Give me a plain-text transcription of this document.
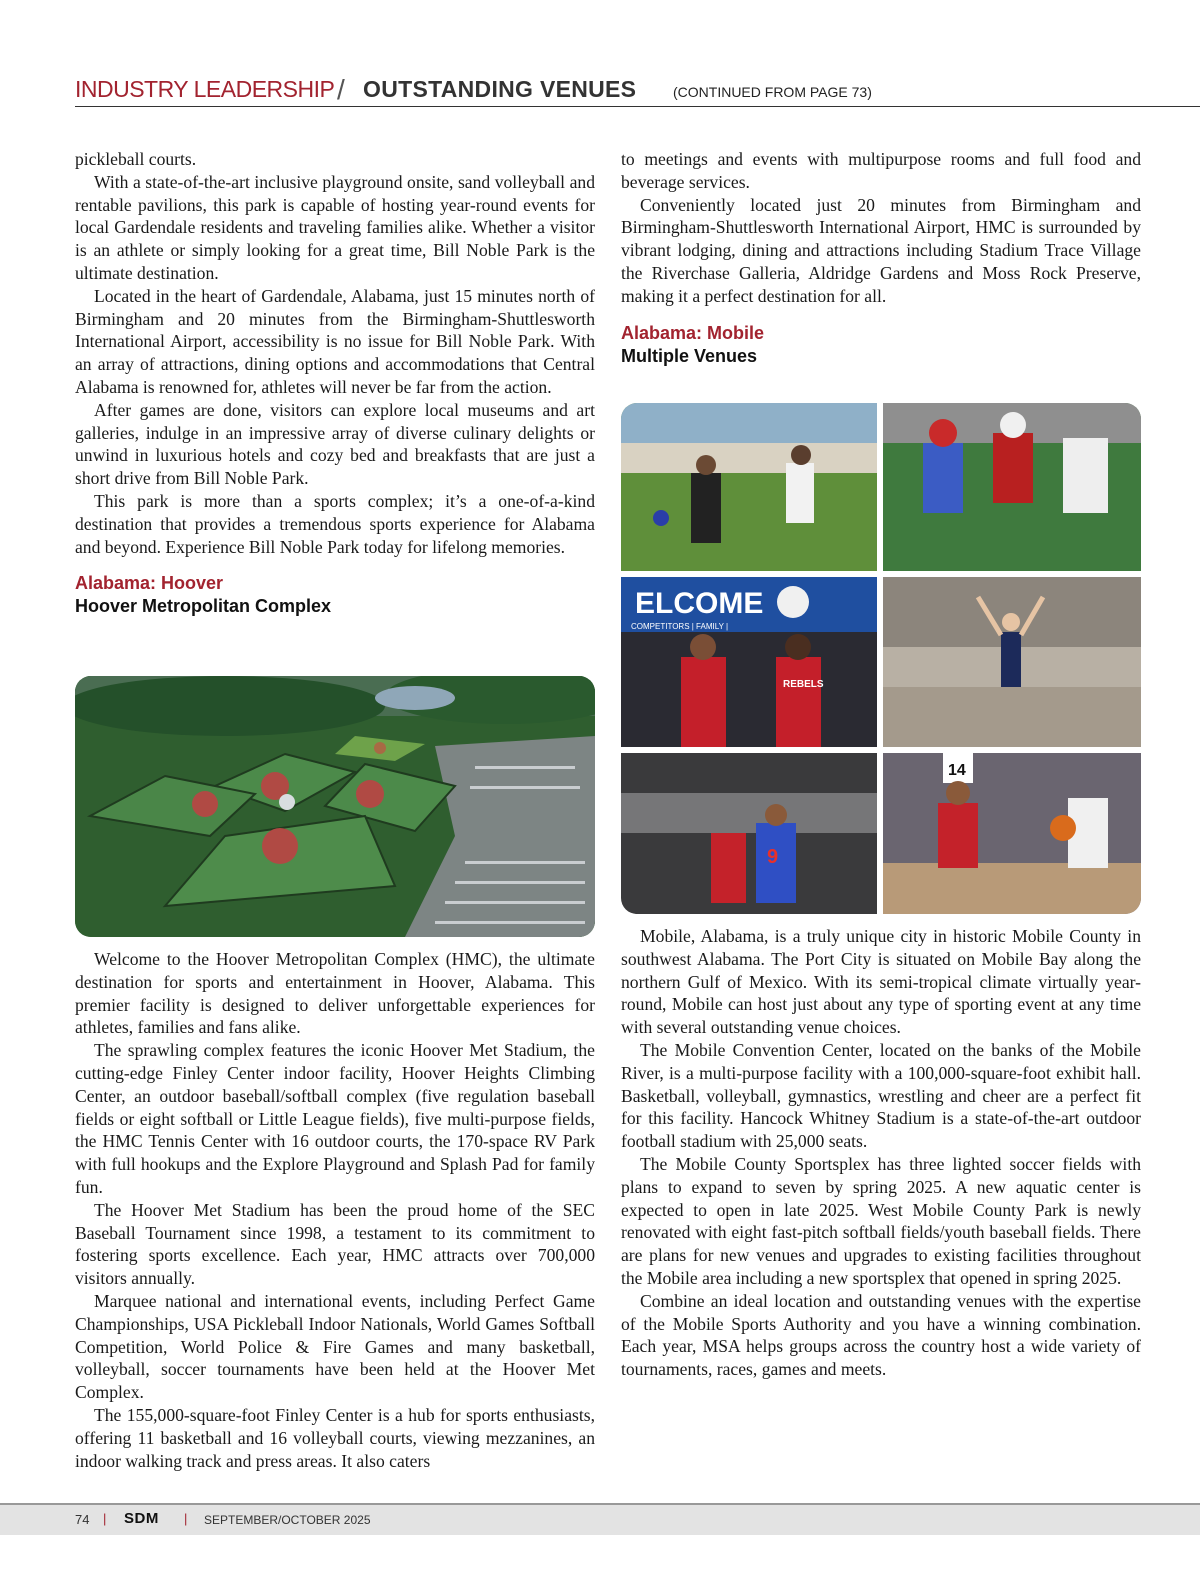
INDUSTRY LEADERSHIP / OUTSTANDING VENUES	(CONTINUED FROM PAGE 73)

pickleball courts.

With a state-of-the-art inclusive playground onsite, sand volleyball and rentable pavilions, this park is capable of hosting year-round events for local Gardendale residents and traveling families alike. Whether a visitor is an athlete or simply looking for a great time, Bill Noble Park is the ultimate destination.

Located in the heart of Gardendale, Alabama, just 15 minutes north of Birmingham and 20 minutes from the Birmingham-Shuttlesworth International Airport, accessibility is no issue for Bill Noble Park. With an array of attractions, dining options and accommodations that Central Alabama is renowned for, athletes will never be far from the action.

After games are done, visitors can explore local museums and art galleries, indulge in an impressive array of diverse culinary delights or unwind in luxurious hotels and cozy bed and breakfasts that are just a short drive from Bill Noble Park.

This park is more than a sports complex; it’s a one-of-a-kind destination that provides a tremendous sports experience for Alabama and beyond. Experience Bill Noble Park today for lifelong memories.

Alabama: Hoover
Hoover Metropolitan Complex

Welcome to the Hoover Metropolitan Complex (HMC), the ultimate destination for sports and entertainment in Hoover, Alabama. This premier facility is designed to deliver unforgettable experiences for athletes, families and fans alike.

The sprawling complex features the iconic Hoover Met Stadium, the cutting-edge Finley Center indoor facility, Hoover Heights Climbing Center, an outdoor baseball/softball complex (five regulation baseball fields or eight softball or Little League fields), five multi-purpose fields, the HMC Tennis Center with 16 outdoor courts, the 170-space RV Park with full hookups and the Explore Playground and Splash Pad for family fun.

The Hoover Met Stadium has been the proud home of the SEC Baseball Tournament since 1998, a testament to its commitment to fostering sports excellence. Each year, HMC attracts over 700,000 visitors annually.

Marquee national and international events, including Perfect Game Championships, USA Pickleball Indoor Nationals, World Games Softball Competition, World Police & Fire Games and many basketball, volleyball, soccer tournaments have been held at the Hoover Met Complex.

The 155,000-square-foot Finley Center is a hub for sports enthusiasts, offering 11 basketball and 16 volleyball courts, viewing mezzanines, an indoor walking track and press areas. It also caters

to meetings and events with multipurpose rooms and full food and beverage services.

Conveniently located just 20 minutes from Birmingham and Birmingham-Shuttlesworth International Airport, HMC is surrounded by vibrant lodging, dining and attractions including Stadium Trace Village the Riverchase Galleria, Aldridge Gardens and Moss Rock Preserve, making it a perfect destination for all.

Alabama: Mobile
Multiple Venues
ELCOME
COMPETITORS | FAMILY |
REBELS
9
14

Mobile, Alabama, is a truly unique city in historic Mobile County in southwest Alabama. The Port City is situated on Mobile Bay along the northern Gulf of Mexico. With its semi-tropical climate virtually year-round, Mobile can host just about any type of sporting event at any time with several outstanding venue choices.

The Mobile Convention Center, located on the banks of the Mobile River, is a multi-purpose facility with a 100,000-square-foot exhibit hall. Basketball, volleyball, gymnastics, wrestling and cheer are a perfect fit for this facility. Hancock Whitney Stadium is a state-of-the-art outdoor football stadium with 25,000 seats.

The Mobile County Sportsplex has three lighted soccer fields with plans to expand to seven by spring 2025. A new aquatic center is expected to open in late 2025. West Mobile County Park is newly renovated with eight fast-pitch softball fields/youth baseball fields. There are plans for new venues and upgrades to existing facilities throughout the Mobile area including a new sportsplex that opened in spring 2025.

Combine an ideal location and outstanding venues with the expertise of the Mobile Sports Authority and you have a winning combination. Each year, MSA helps groups across the country host a wide variety of tournaments, races, games and meets.

74 | SDM | SEPTEMBER/OCTOBER 2025
